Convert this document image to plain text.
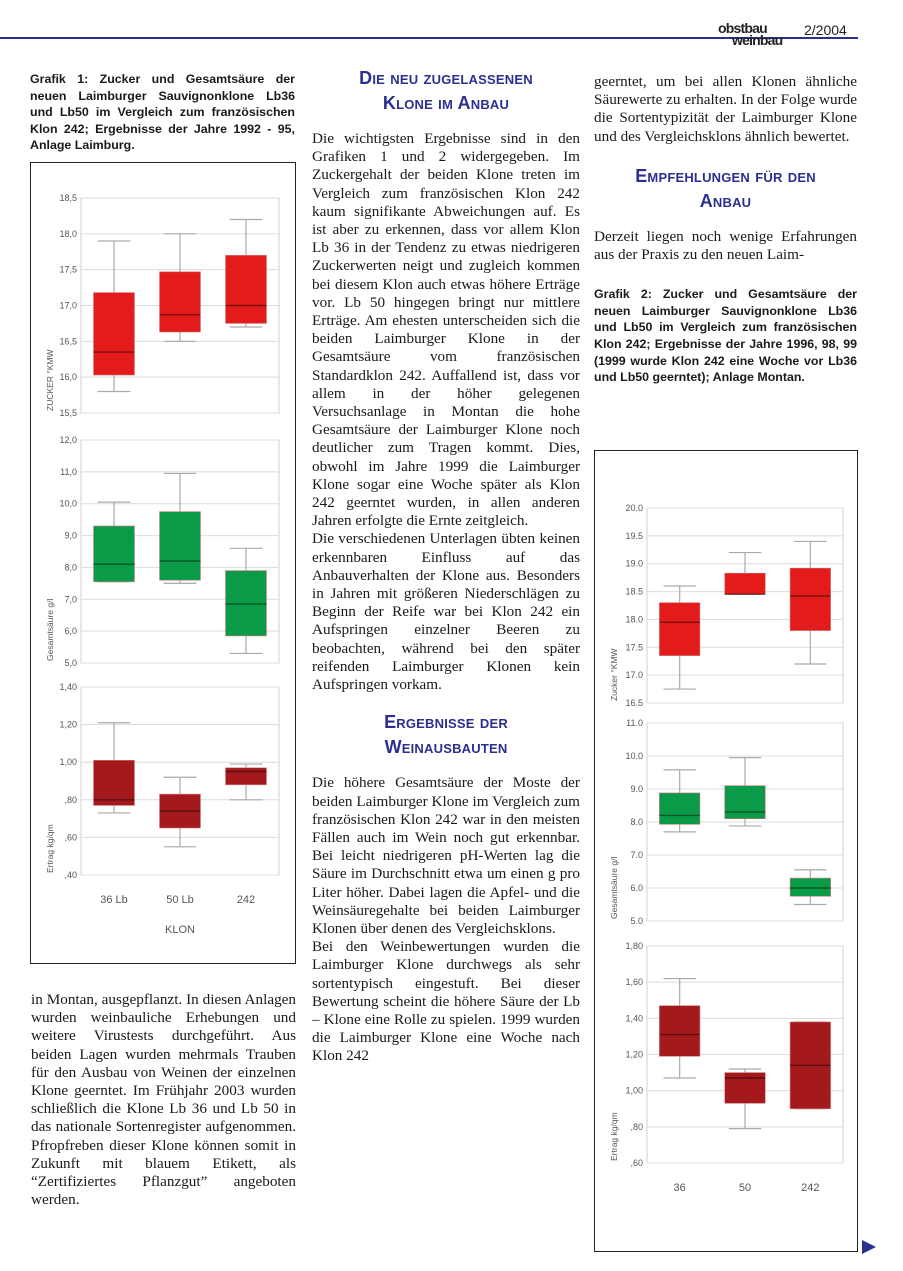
obstbau
weinbau
2/2004
Grafik 1: Zucker und Gesamtsäure der neuen Laimburger Sauvignonklone Lb36 und Lb50 im Vergleich zum französischen Klon 242; Ergebnisse der Jahre 1992 - 95, Anlage Laimburg.
15,5
16,0
16,5
17,0
17,5
18,0
18,5
ZUCKER °KMW
5,0
6,0
7,0
8,0
9,0
10,0
11,0
12,0
Gesamtsäure g/l
,40
,60
,80
1,00
1,20
1,40
Ertrag kg/qm
36 Lb	50 Lb	242
KLON

in Montan, ausgepflanzt. In diesen Anlagen wurden weinbauliche Erhebungen und weitere Virustests durchgeführt. Aus beiden Lagen wurden mehrmals Trauben für den Ausbau von Weinen der einzelnen Klone geerntet. Im Frühjahr 2003 wurden schließlich die Klone Lb 36 und Lb 50 in das nationale Sortenregister aufgenommen. Pfropfreben dieser Klone können somit in Zukunft mit blauem Etikett, als “Zertifiziertes Pflanzgut” angeboten werden.

Die neu zugelassenen
Klone im Anbau

Die wichtigsten Ergebnisse sind in den Grafiken 1 und 2 widergegeben. Im Zuckergehalt der beiden Klone treten im Vergleich zum französischen Klon 242 kaum signifikante Abweichungen auf. Es ist aber zu erkennen, dass vor allem Klon Lb 36 in der Tendenz zu etwas niedrigeren Zuckerwerten neigt und zugleich kommen bei diesem Klon auch etwas höhere Erträge vor. Lb 50 hingegen bringt nur mittlere Erträge. Am ehesten unterscheiden sich die beiden Laimburger Klone in der Gesamtsäure vom französischen Standardklon 242. Auffallend ist, dass vor allem in der höher gelegenen Versuchsanlage in Montan die hohe Gesamtsäure der Laimburger Klone noch deutlicher zum Tragen kommt. Dies, obwohl im Jahre 1999 die Laimburger Klone sogar eine Woche später als Klon 242 geerntet wurden, in allen anderen Jahren erfolgte die Ernte zeitgleich.

Die verschiedenen Unterlagen übten keinen erkennbaren Einfluss auf das Anbauverhalten der Klone aus. Besonders in Jahren mit größeren Niederschlägen zu Beginn der Reife war bei Klon 242 ein Aufspringen einzelner Beeren zu beobachten, während bei den später reifenden Laimburger Klonen kein Aufspringen vorkam.

Ergebnisse der
Weinausbauten

Die höhere Gesamtsäure der Moste der beiden Laimburger Klone im Vergleich zum französischen Klon 242 war in den meisten Fällen auch im Wein noch gut erkennbar. Bei leicht niedrigeren pH-Werten lag die Säure im Durchschnitt etwa um einen g pro Liter höher. Dabei lagen die Apfel- und die Weinsäuregehalte bei beiden Laimburger Klonen über denen des Vergleichsklons.

Bei den Weinbewertungen wurden die Laimburger Klone durchwegs als sehr sortentypisch eingestuft. Bei dieser Bewertung scheint die höhere Säure der Lb – Klone eine Rolle zu spielen. 1999 wurden die Laimburger Klone eine Woche nach Klon 242

geerntet, um bei allen Klonen ähnliche Säurewerte zu erhalten. In der Folge wurde die Sortentypizität der Laimburger Klone und des Vergleichsklons ähnlich bewertet.

Empfehlungen für den
Anbau

Derzeit liegen noch wenige Erfahrungen aus der Praxis zu den neuen Laim-

Grafik 2: Zucker und Gesamtsäure der neuen Laimburger Sauvignonklone Lb36 und Lb50 im Vergleich zum französischen Klon 242; Ergebnisse der Jahre 1996, 98, 99 (1999 wurde Klon 242 eine Woche vor Lb36 und Lb50 geerntet); Anlage Montan.
16.5
17.0
17.5
18.0
18.5
19.0
19.5
20.0
Zucker °KMW
5.0
6.0
7.0
8.0
9.0
10.0
11.0
Gesamtsäure g/l
,60
,80
1,00
1,20
1,40
1,60
1,80
Ertrag kg/qm
36	50	242
